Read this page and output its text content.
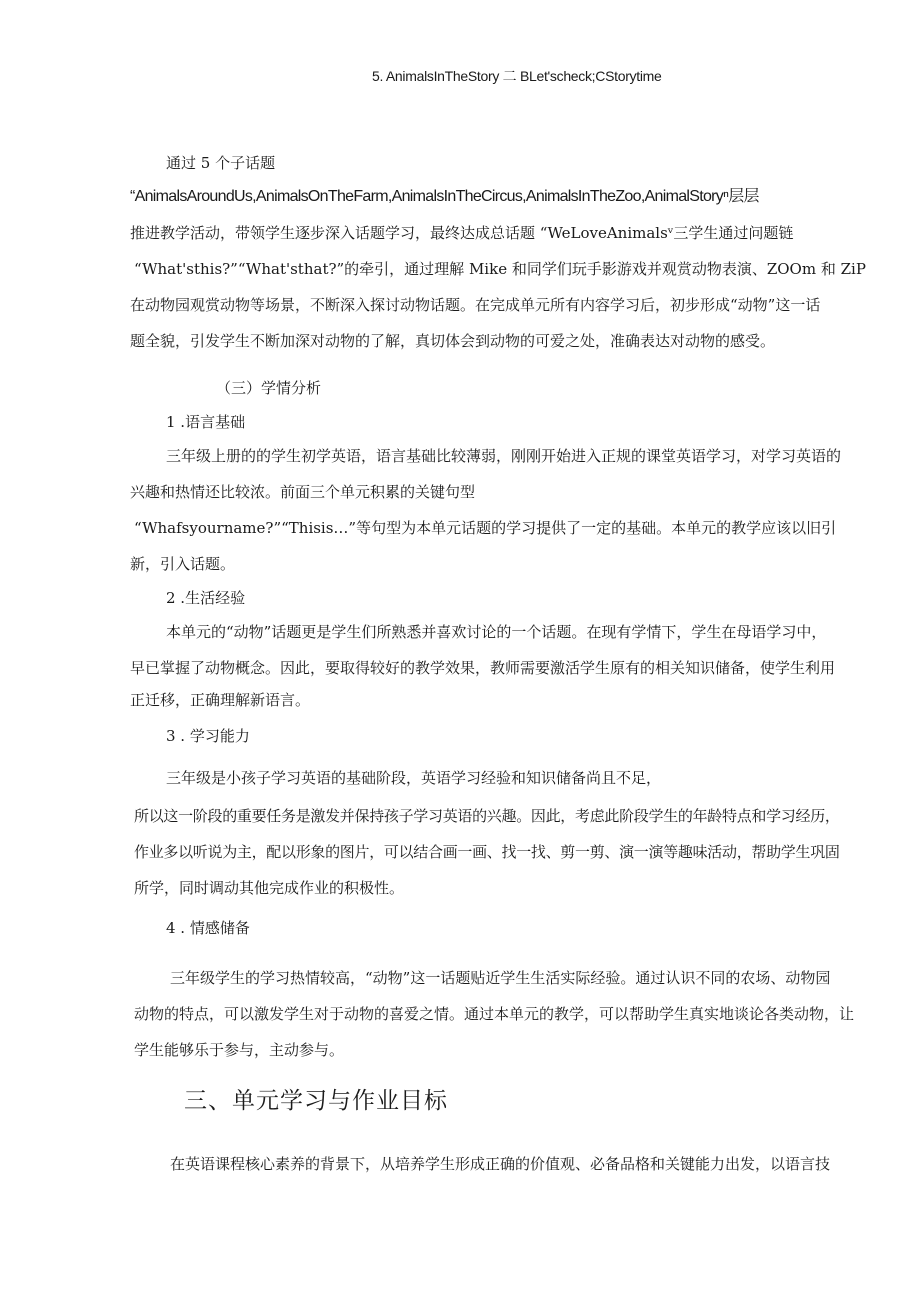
5. AnimalsInTheStory 二 BLet'scheck;CStorytime

通过 5 个子话题

“AnimalsAroundUs,AnimalsOnTheFarm,AnimalsInTheCircus,AnimalsInTheZoo,AnimalStoryⁿ层层

推进教学活动，带领学生逐步深入话题学习，最终达成总话题 “WeLoveAnimalsᵛ三学生通过问题链

“What'sthis?”“What'sthat?”的牵引，通过理解 Mike 和同学们玩手影游戏并观赏动物表演、ZOOm 和 ZiP

在动物园观赏动物等场景，不断深入探讨动物话题。在完成单元所有内容学习后，初步形成“动物”这一话

题全貌，引发学生不断加深对动物的了解，真切体会到动物的可爱之处，准确表达对动物的感受。

（三）学情分析

1 .语言基础

三年级上册的的学生初学英语，语言基础比较薄弱，刚刚开始进入正规的课堂英语学习，对学习英语的

兴趣和热情还比较浓。前面三个单元积累的关键句型

“Whafsyourname?”“Thisis…”等句型为本单元话题的学习提供了一定的基础。本单元的教学应该以旧引

新，引入话题。

2 .生活经验

本单元的“动物”话题更是学生们所熟悉并喜欢讨论的一个话题。在现有学情下，学生在母语学习中，

早已掌握了动物概念。因此，要取得较好的教学效果，教师需要激活学生原有的相关知识储备，使学生利用

正迁移，正确理解新语言。

3 . 学习能力

三年级是小孩子学习英语的基础阶段，英语学习经验和知识储备尚且不足，

所以这一阶段的重要任务是激发并保持孩子学习英语的兴趣。因此，考虑此阶段学生的年龄特点和学习经历，

作业多以听说为主，配以形象的图片，可以结合画一画、找一找、剪一剪、演一演等趣味活动，帮助学生巩固

所学，同时调动其他完成作业的积极性。

4 . 情感储备

三年级学生的学习热情较高，“动物”这一话题贴近学生生活实际经验。通过认识不同的农场、动物园

动物的特点，可以激发学生对于动物的喜爱之情。通过本单元的教学，可以帮助学生真实地谈论各类动物，让

学生能够乐于参与，主动参与。

三、单元学习与作业目标

在英语课程核心素养的背景下，从培养学生形成正确的价值观、必备品格和关键能力出发，以语言技
